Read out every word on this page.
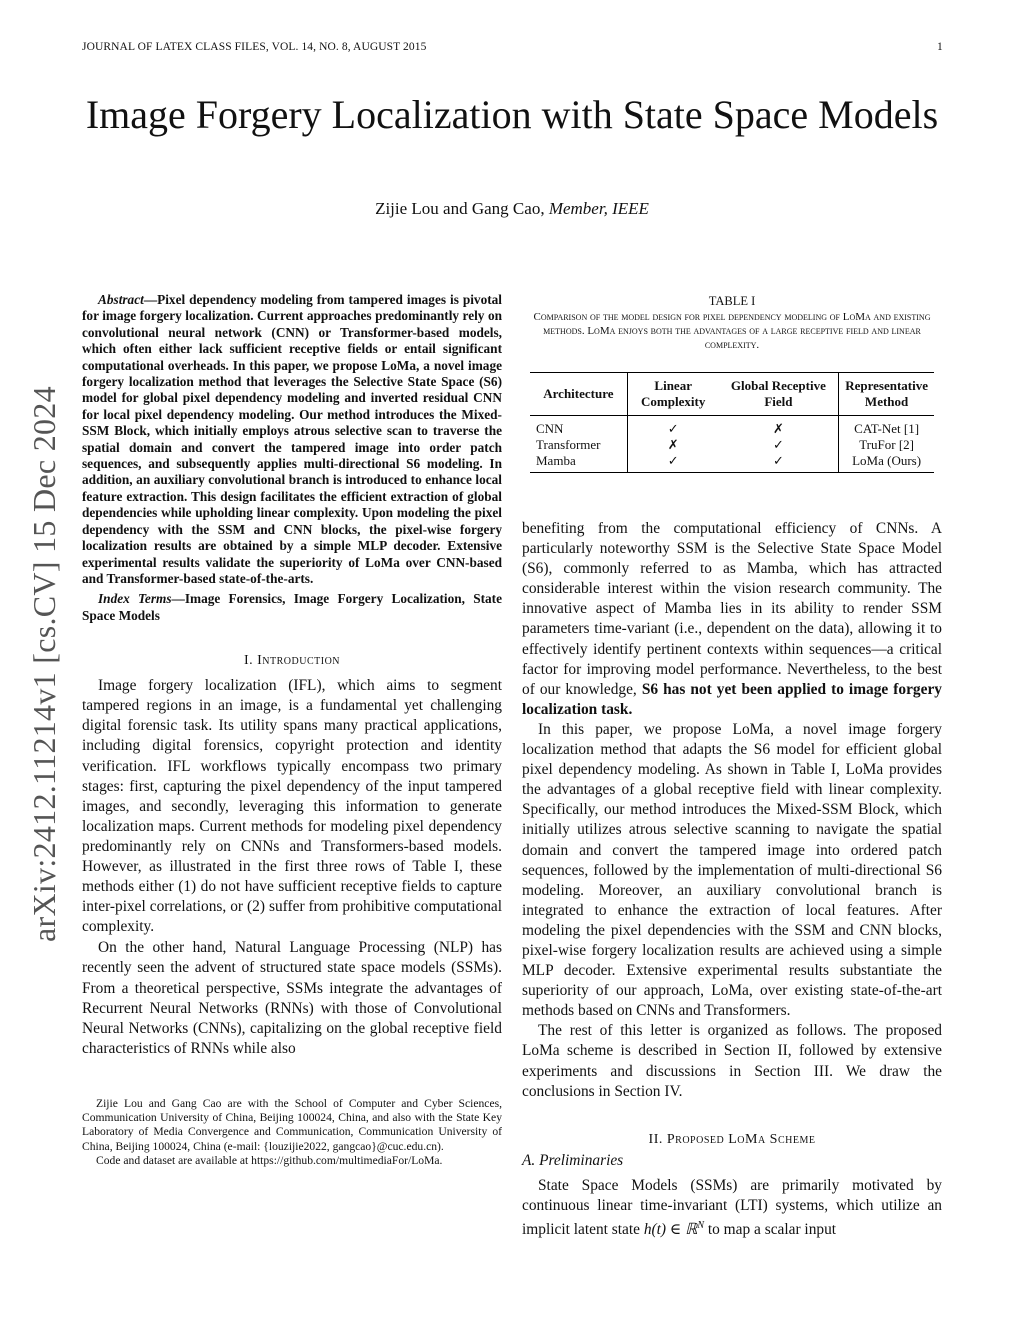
JOURNAL OF LATEX CLASS FILES, VOL. 14, NO. 8, AUGUST 2015	1
Image Forgery Localization with State Space Models
Zijie Lou and Gang Cao, Member, IEEE
arXiv:2412.11214v1 [cs.CV] 15 Dec 2024
Abstract—Pixel dependency modeling from tampered images is pivotal for image forgery localization. Current approaches predominantly rely on convolutional neural network (CNN) or Transformer-based models, which often either lack sufficient receptive fields or entail significant computational overheads. In this paper, we propose LoMa, a novel image forgery localization method that leverages the Selective State Space (S6) model for global pixel dependency modeling and inverted residual CNN for local pixel dependency modeling. Our method introduces the Mixed-SSM Block, which initially employs atrous selective scan to traverse the spatial domain and convert the tampered image into order patch sequences, and subsequently applies multi-directional S6 modeling. In addition, an auxiliary convolutional branch is introduced to enhance local feature extraction. This design facilitates the efficient extraction of global dependencies while upholding linear complexity. Upon modeling the pixel dependency with the SSM and CNN blocks, the pixel-wise forgery localization results are obtained by a simple MLP decoder. Extensive experimental results validate the superiority of LoMa over CNN-based and Transformer-based state-of-the-arts.
Index Terms—Image Forensics, Image Forgery Localization, State Space Models
I. Introduction

Image forgery localization (IFL), which aims to segment tampered regions in an image, is a fundamental yet challenging digital forensic task. Its utility spans many practical applications, including digital forensics, copyright protection and identity verification. IFL workflows typically encompass two primary stages: first, capturing the pixel dependency of the input tampered images, and secondly, leveraging this information to generate localization maps. Current methods for modeling pixel dependency predominantly rely on CNNs and Transformers-based models. However, as illustrated in the first three rows of Table I, these methods either (1) do not have sufficient receptive fields to capture inter-pixel correlations, or (2) suffer from prohibitive computational complexity.

On the other hand, Natural Language Processing (NLP) has recently seen the advent of structured state space models (SSMs). From a theoretical perspective, SSMs integrate the advantages of Recurrent Neural Networks (RNNs) with those of Convolutional Neural Networks (CNNs), capitalizing on the global receptive field characteristics of RNNs while also

Zijie Lou and Gang Cao are with the School of Computer and Cyber Sciences, Communication University of China, Beijing 100024, China, and also with the State Key Laboratory of Media Convergence and Communication, Communication University of China, Beijing 100024, China (e-mail: {louzijie2022, gangcao}@cuc.edu.cn).

Code and dataset are available at https://github.com/multimediaFor/LoMa.

TABLE I
Comparison of the model design for pixel dependency modeling of LoMa and existing methods. LoMa enjoys both the advantages of a large receptive field and linear complexity.
Architecture	Linear Complexity	Global Receptive Field	Representative Method
CNN	✓	✗	CAT-Net [1]
Transformer	✗	✓	TruFor [2]
Mamba	✓	✓	LoMa (Ours)

benefiting from the computational efficiency of CNNs. A particularly noteworthy SSM is the Selective State Space Model (S6), commonly referred to as Mamba, which has attracted considerable interest within the vision research community. The innovative aspect of Mamba lies in its ability to render SSM parameters time-variant (i.e., dependent on the data), allowing it to effectively identify pertinent contexts within sequences—a critical factor for improving model performance. Nevertheless, to the best of our knowledge, S6 has not yet been applied to image forgery localization task.

In this paper, we propose LoMa, a novel image forgery localization method that adapts the S6 model for efficient global pixel dependency modeling. As shown in Table I, LoMa provides the advantages of a global receptive field with linear complexity. Specifically, our method introduces the Mixed-SSM Block, which initially utilizes atrous selective scanning to navigate the spatial domain and convert the tampered image into ordered patch sequences, followed by the implementation of multi-directional S6 modeling. Moreover, an auxiliary convolutional branch is integrated to enhance the extraction of local features. After modeling the pixel dependencies with the SSM and CNN blocks, pixel-wise forgery localization results are achieved using a simple MLP decoder. Extensive experimental results substantiate the superiority of our approach, LoMa, over existing state-of-the-art methods based on CNNs and Transformers.

The rest of this letter is organized as follows. The proposed LoMa scheme is described in Section II, followed by extensive experiments and discussions in Section III. We draw the conclusions in Section IV.

II. Proposed LoMa Scheme
A. Preliminaries

State Space Models (SSMs) are primarily motivated by continuous linear time-invariant (LTI) systems, which utilize an implicit latent state h(t) ∈ ℝ$^N$ to map a scalar input
